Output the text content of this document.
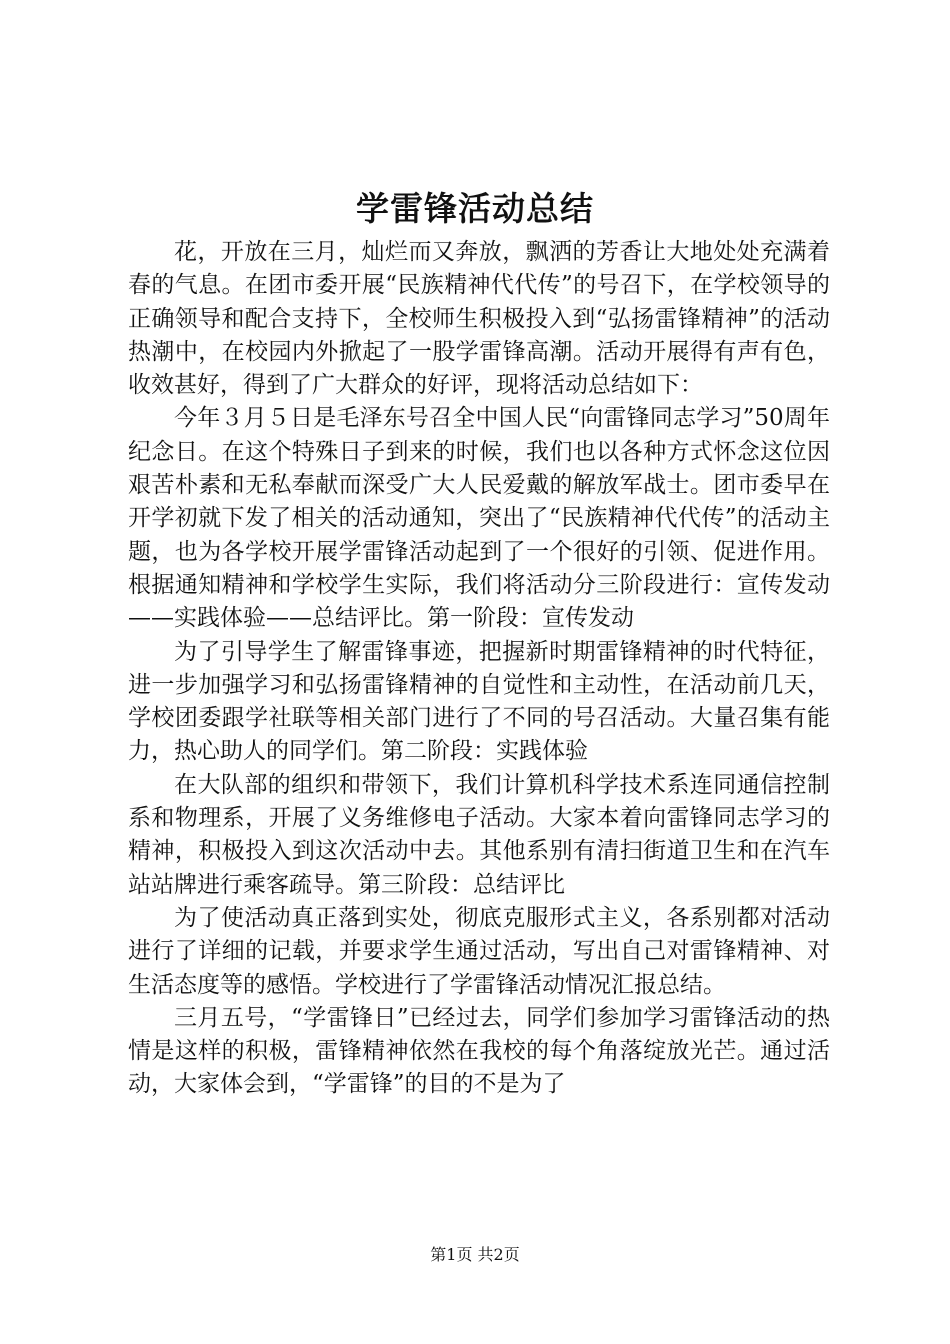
学雷锋活动总结

花，开放在三月，灿烂而又奔放，飘洒的芳香让大地处处充满着春的气息。在团市委开展“民族精神代代传”的号召下，在学校领导的正确领导和配合支持下，全校师生积极投入到“弘扬雷锋精神”的活动热潮中，在校园内外掀起了一股学雷锋高潮。活动开展得有声有色，收效甚好，得到了广大群众的好评，现将活动总结如下：

今年３月５日是毛泽东号召全中国人民“向雷锋同志学习”50周年纪念日。在这个特殊日子到来的时候，我们也以各种方式怀念这位因艰苦朴素和无私奉献而深受广大人民爱戴的解放军战士。团市委早在开学初就下发了相关的活动通知，突出了“民族精神代代传”的活动主题，也为各学校开展学雷锋活动起到了一个很好的引领、促进作用。根据通知精神和学校学生实际，我们将活动分三阶段进行：宣传发动——实践体验——总结评比。第一阶段：宣传发动

为了引导学生了解雷锋事迹，把握新时期雷锋精神的时代特征，进一步加强学习和弘扬雷锋精神的自觉性和主动性，在活动前几天，学校团委跟学社联等相关部门进行了不同的号召活动。大量召集有能力，热心助人的同学们。第二阶段：实践体验

在大队部的组织和带领下，我们计算机科学技术系连同通信控制系和物理系，开展了义务维修电子活动。大家本着向雷锋同志学习的精神，积极投入到这次活动中去。其他系别有清扫街道卫生和在汽车站站牌进行乘客疏导。第三阶段：总结评比

为了使活动真正落到实处，彻底克服形式主义，各系别都对活动进行了详细的记载，并要求学生通过活动，写出自己对雷锋精神、对生活态度等的感悟。学校进行了学雷锋活动情况汇报总结。

三月五号，“学雷锋日”已经过去，同学们参加学习雷锋活动的热情是这样的积极，雷锋精神依然在我校的每个角落绽放光芒。通过活动，大家体会到，“学雷锋”的目的不是为了

第1页 共2页
